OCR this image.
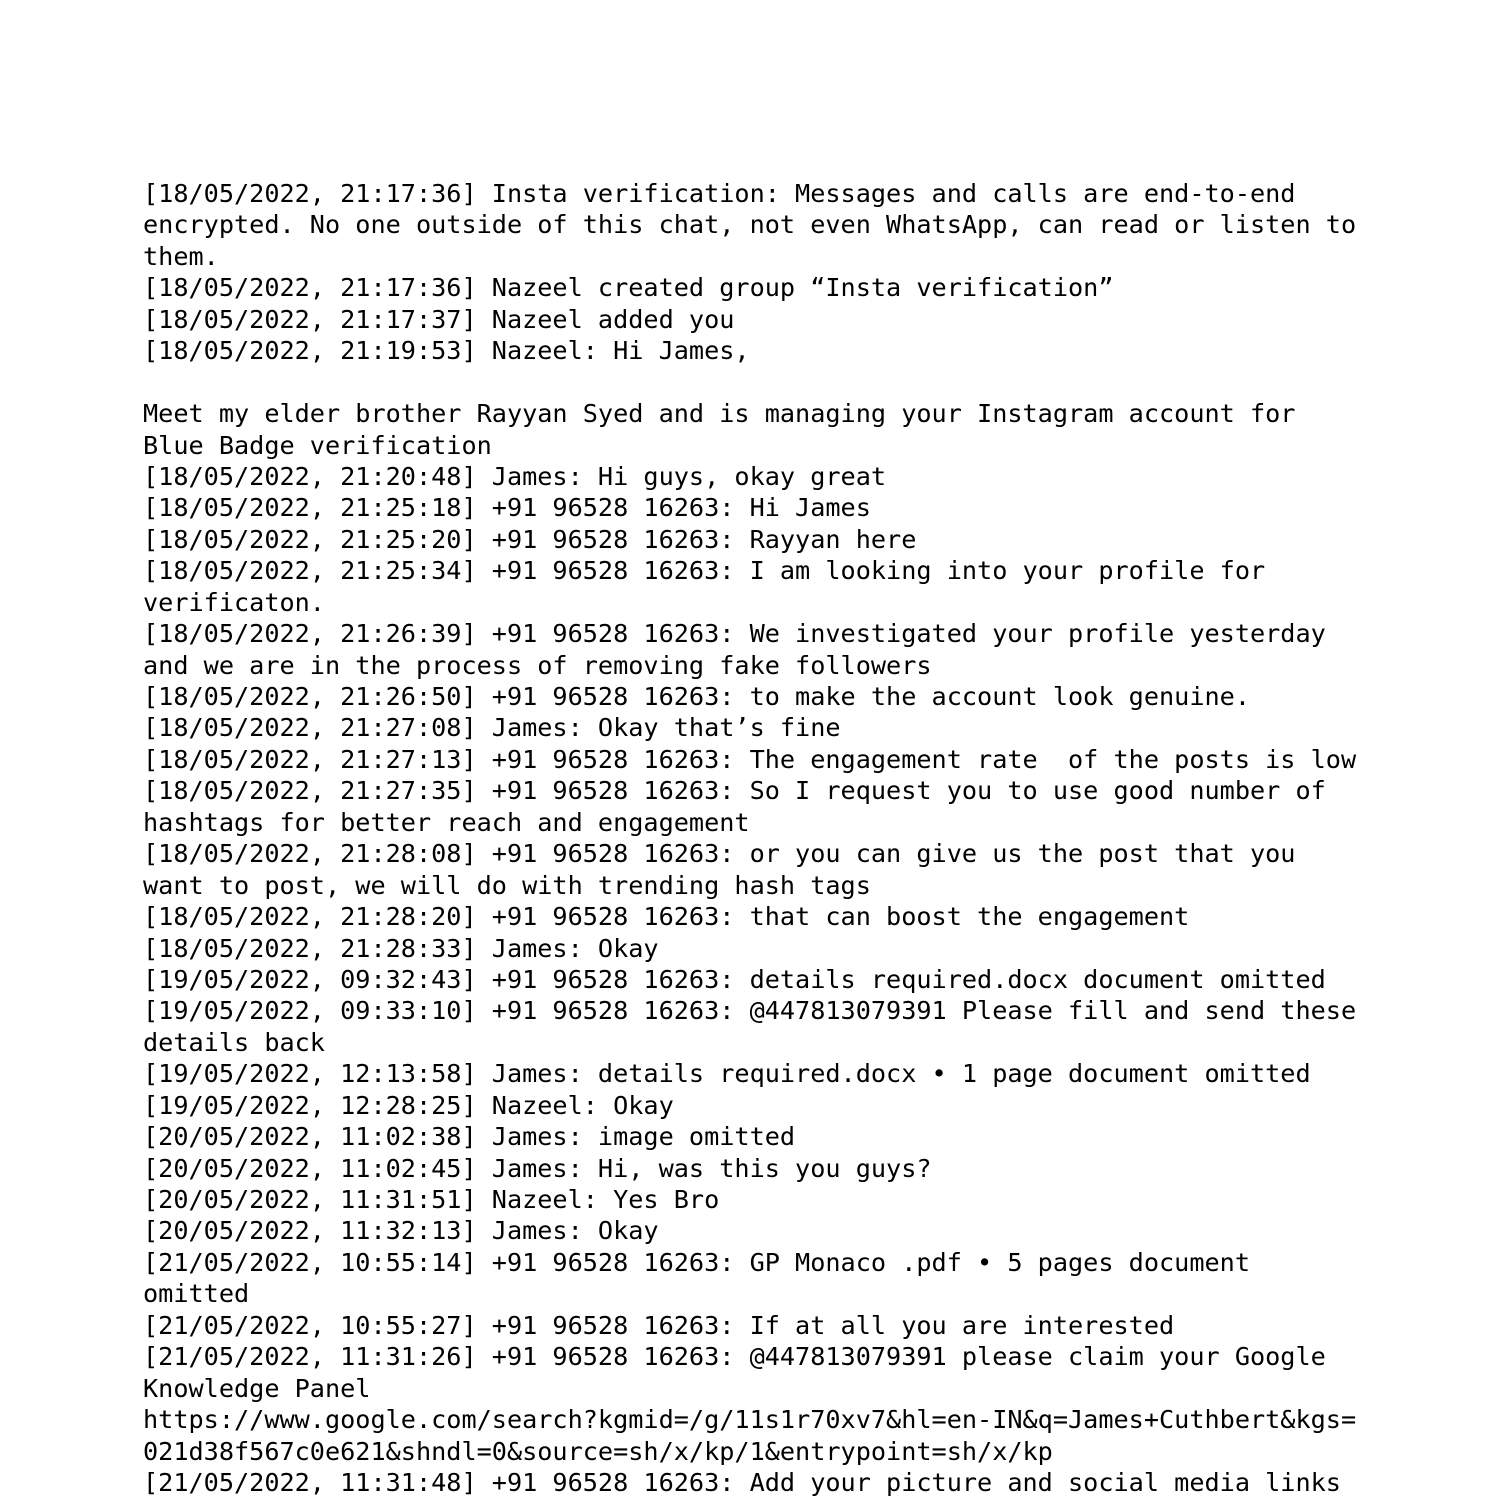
[18/05/2022, 21:17:36] Insta verification: Messages and calls are end-to-end
encrypted. No one outside of this chat, not even WhatsApp, can read or listen to
them.
[18/05/2022, 21:17:36] Nazeel created group “Insta verification”
[18/05/2022, 21:17:37] Nazeel added you
[18/05/2022, 21:19:53] Nazeel: Hi James,
Meet my elder brother Rayyan Syed and is managing your Instagram account for
Blue Badge verification
[18/05/2022, 21:20:48] James: Hi guys, okay great
[18/05/2022, 21:25:18] +91 96528 16263: Hi James
[18/05/2022, 21:25:20] +91 96528 16263: Rayyan here
[18/05/2022, 21:25:34] +91 96528 16263: I am looking into your profile for
verificaton.
[18/05/2022, 21:26:39] +91 96528 16263: We investigated your profile yesterday
and we are in the process of removing fake followers
[18/05/2022, 21:26:50] +91 96528 16263: to make the account look genuine.
[18/05/2022, 21:27:08] James: Okay that’s fine
[18/05/2022, 21:27:13] +91 96528 16263: The engagement rate  of the posts is low
[18/05/2022, 21:27:35] +91 96528 16263: So I request you to use good number of
hashtags for better reach and engagement
[18/05/2022, 21:28:08] +91 96528 16263: or you can give us the post that you
want to post, we will do with trending hash tags
[18/05/2022, 21:28:20] +91 96528 16263: that can boost the engagement
[18/05/2022, 21:28:33] James: Okay
[19/05/2022, 09:32:43] +91 96528 16263: details required.docx document omitted
[19/05/2022, 09:33:10] +91 96528 16263: @447813079391 Please fill and send these
details back
[19/05/2022, 12:13:58] James: details required.docx • 1 page document omitted
[19/05/2022, 12:28:25] Nazeel: Okay
[20/05/2022, 11:02:38] James: image omitted
[20/05/2022, 11:02:45] James: Hi, was this you guys?
[20/05/2022, 11:31:51] Nazeel: Yes Bro
[20/05/2022, 11:32:13] James: Okay
[21/05/2022, 10:55:14] +91 96528 16263: GP Monaco .pdf • 5 pages document
omitted
[21/05/2022, 10:55:27] +91 96528 16263: If at all you are interested
[21/05/2022, 11:31:26] +91 96528 16263: @447813079391 please claim your Google
Knowledge Panel
https://www.google.com/search?kgmid=/g/11s1r70xv7&hl=en-IN&q=James+Cuthbert&kgs=
021d38f567c0e621&shndl=0&source=sh/x/kp/1&entrypoint=sh/x/kp
[21/05/2022, 11:31:48] +91 96528 16263: Add your picture and social media links
